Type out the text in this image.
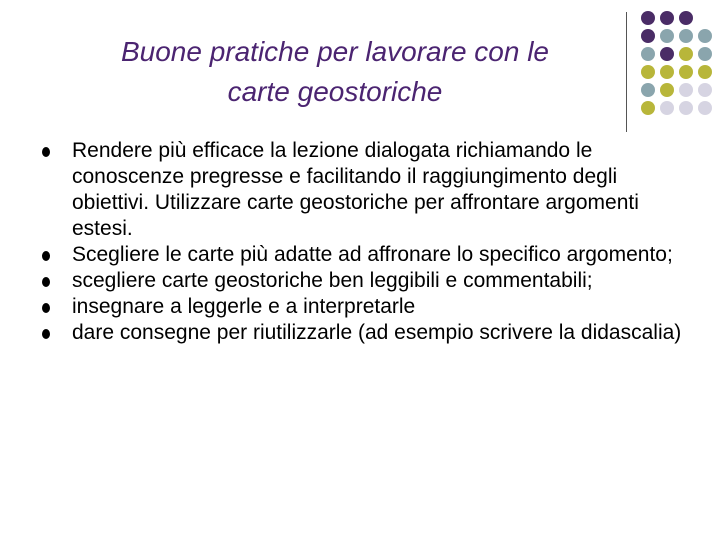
Buone pratiche per lavorare con le
carte geostoriche
Rendere più efficace la lezione dialogata richiamando le conoscenze pregresse e facilitando il raggiungimento degli obiettivi. Utilizzare carte geostoriche per affrontare argomenti estesi.
Scegliere le carte più adatte ad affronare lo specifico argomento;
scegliere carte geostoriche ben leggibili e commentabili;
insegnare a leggerle e a interpretarle
dare consegne per riutilizzarle (ad esempio scrivere la didascalia)
